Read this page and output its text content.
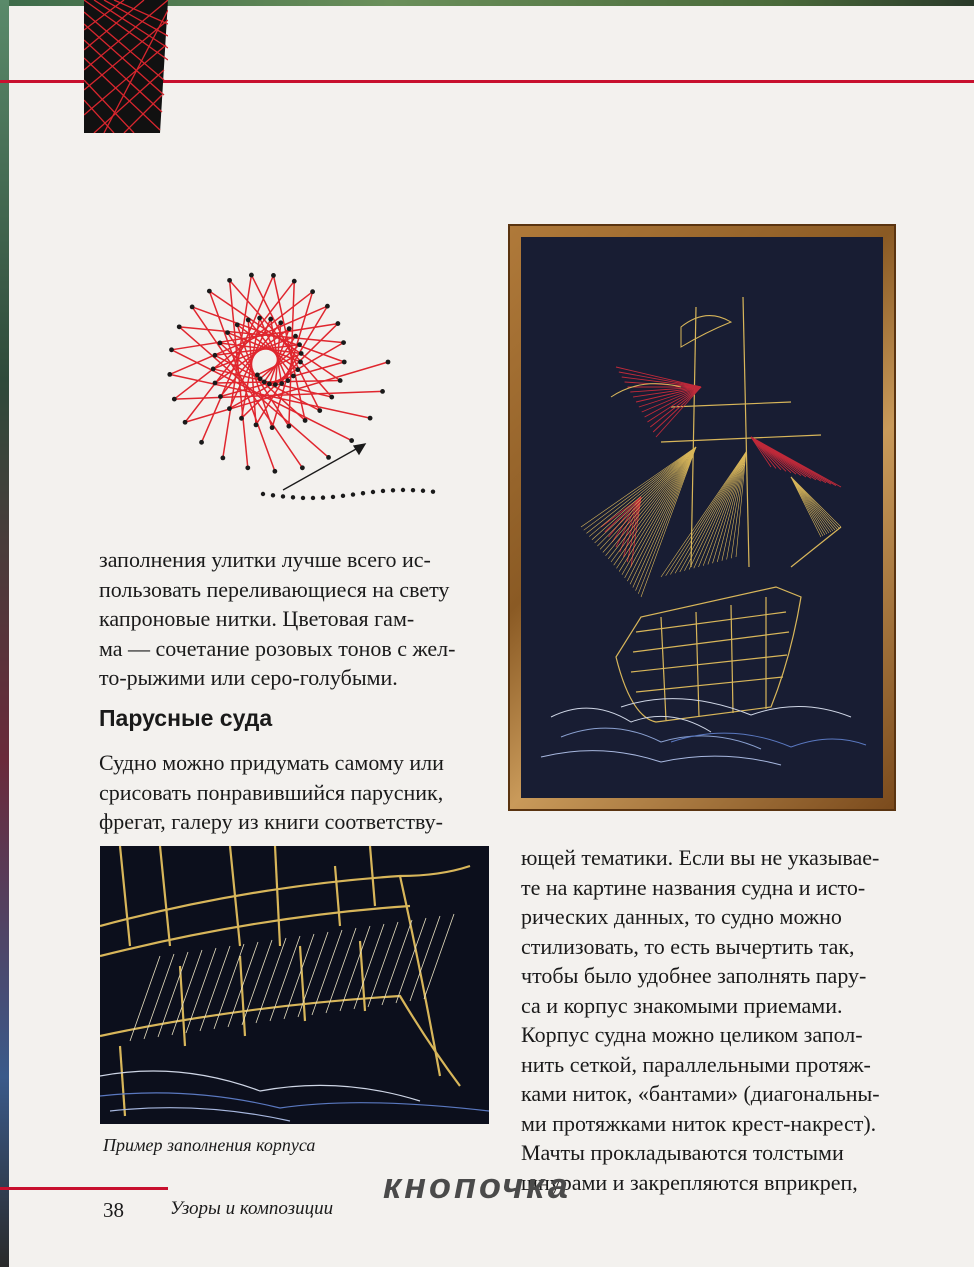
заполнения улитки лучше всего ис-

пользовать переливающиеся на свету

капроновые нитки. Цветовая гам-

ма — сочетание розовых тонов с жел-

то-рыжими или серо-голубыми.

Парусные суда

Судно можно придумать самому или

срисовать понравившийся парусник,

фрегат, галеру из книги соответству-

Пример заполнения корпуса

ющей тематики. Если вы не указывае-

те на картине названия судна и исто-

рических данных, то судно можно

стилизовать, то есть вычертить так,

чтобы было удобнее заполнять пару-

са и корпус знакомыми приемами.

Корпус судна можно целиком запол-

нить сеткой, параллельными протяж-

ками ниток, «бантами» (диагональны-

ми протяжками ниток крест-накрест).

Мачты прокладываются толстыми

шнурами и закрепляются вприкреп,

38 Узоры и композиции
кнопочка
